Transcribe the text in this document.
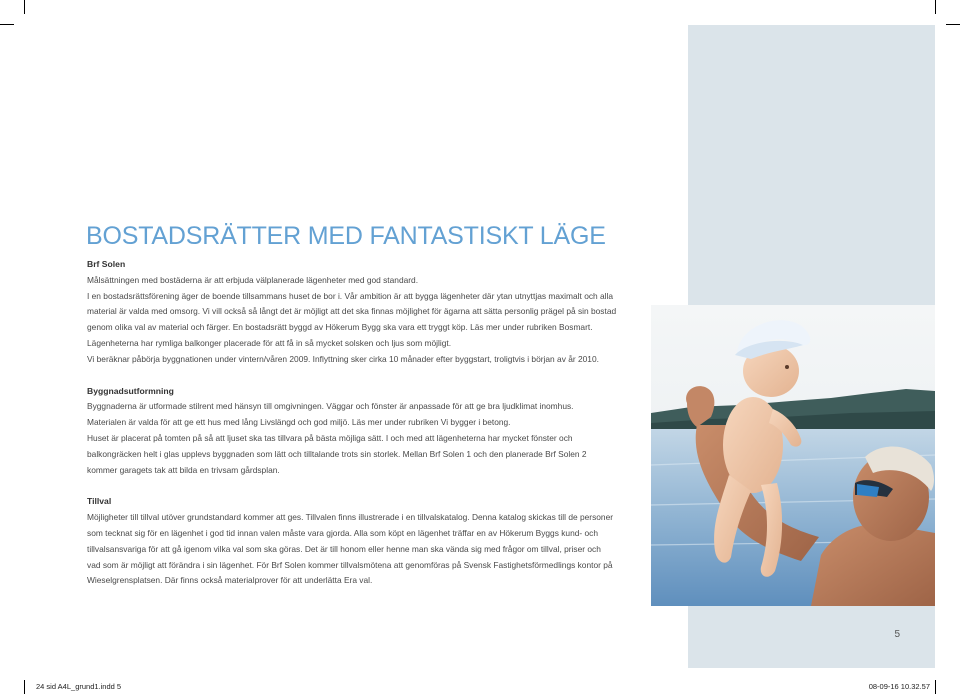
BOSTADSRÄTTER MED FANTASTISKT LÄGE
Brf Solen

Målsättningen med bostäderna är att erbjuda välplanerade lägenheter med god standard.

I en bostadsrättsförening äger de boende tillsammans huset de bor i. Vår ambition är att bygga lägenheter där ytan utnyttjas maximalt och alla

material är valda med omsorg. Vi vill också så långt det är möjligt att det ska finnas möjlighet för ägarna att sätta personlig prägel på sin bostad

genom olika val av material och färger. En bostadsrätt byggd av Hökerum Bygg ska vara ett tryggt köp. Läs mer under rubriken Bosmart.

Lägenheterna har rymliga balkonger placerade för att få in så mycket solsken och ljus som möjligt.

Vi beräknar påbörja byggnationen under vintern/våren 2009. Inflyttning sker cirka 10 månader efter byggstart, troligtvis i början av år 2010.

Byggnadsutformning

Byggnaderna är utformade stilrent med hänsyn till omgivningen. Väggar och fönster är anpassade för att ge bra ljudklimat inomhus.

Materialen är valda för att ge ett hus med lång Livslängd och god miljö. Läs mer under rubriken Vi bygger i betong.

Huset är placerat på tomten på så att ljuset ska tas tillvara på bästa möjliga sätt. I och med att lägenheterna har mycket fönster och

balkongräcken helt i glas upplevs byggnaden som lätt och tilltalande trots sin storlek. Mellan Brf Solen 1 och den planerade Brf Solen 2

kommer garagets tak att bilda en trivsam gårdsplan.

Tillval

Möjligheter till tillval utöver grundstandard kommer att ges. Tillvalen finns illustrerade i en tillvalskatalog. Denna katalog skickas till de personer

som tecknat sig för en lägenhet i god tid innan valen måste vara gjorda. Alla som köpt en lägenhet träffar en av Hökerum Byggs kund- och

tillvalsansvariga för att gå igenom vilka val som ska göras. Det är till honom eller henne man ska vända sig med frågor om tillval, priser och

vad som är möjligt att förändra i sin lägenhet. För Brf Solen kommer tillvalsmötena att genomföras på Svensk Fastighetsförmedlings kontor på

Wieselgrensplatsen. Där finns också materialprover för att underlätta Era val.

5
24 sid A4L_grund1.indd 5	08-09-16 10.32.57
